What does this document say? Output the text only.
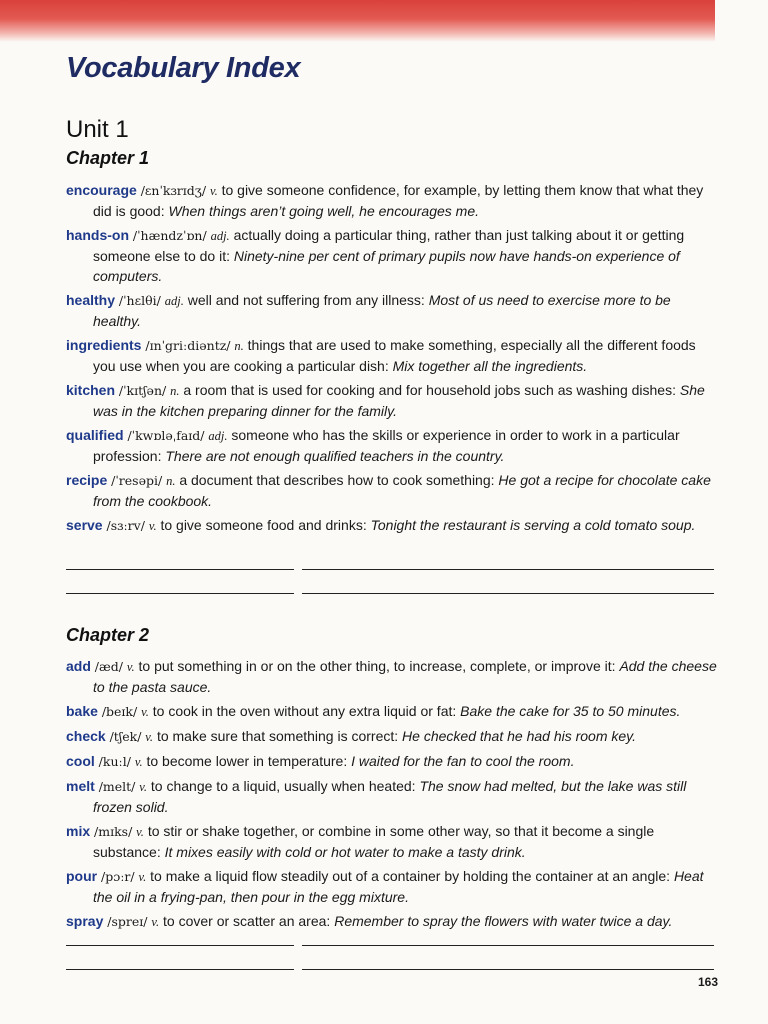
Vocabulary Index
Unit 1
Chapter 1

encourage /ɛnˈkɜrɪdʒ/ v. to give someone confidence, for example, by letting them know that what they did is good: When things aren’t going well, he encourages me.

hands-on /ˈhændzˈɒn/ adj. actually doing a particular thing, rather than just talking about it or getting someone else to do it: Ninety-nine per cent of primary pupils now have hands-on experience of computers.

healthy /ˈhɛlθi/ adj. well and not suffering from any illness: Most of us need to exercise more to be healthy.

ingredients /ɪnˈgriːdiəntz/ n. things that are used to make something, especially all the different foods you use when you are cooking a particular dish: Mix together all the ingredients.

kitchen /ˈkɪtʃən/ n. a room that is used for cooking and for household jobs such as washing dishes: She was in the kitchen preparing dinner for the family.

qualified /ˈkwɒləˌfaɪd/ adj. someone who has the skills or experience in order to work in a particular profession: There are not enough qualified teachers in the country.

recipe /ˈresəpi/ n. a document that describes how to cook something: He got a recipe for chocolate cake from the cookbook.

serve /sɜːrv/ v. to give someone food and drinks: Tonight the restaurant is serving a cold tomato soup.

Chapter 2

add /æd/ v. to put something in or on the other thing, to increase, complete, or improve it: Add the cheese to the pasta sauce.

bake /beɪk/ v. to cook in the oven without any extra liquid or fat: Bake the cake for 35 to 50 minutes.

check /tʃek/ v. to make sure that something is correct: He checked that he had his room key.

cool /kuːl/ v. to become lower in temperature: I waited for the fan to cool the room.

melt /melt/ v. to change to a liquid, usually when heated: The snow had melted, but the lake was still frozen solid.

mix /mɪks/ v. to stir or shake together, or combine in some other way, so that it become a single substance: It mixes easily with cold or hot water to make a tasty drink.

pour /pɔːr/ v. to make a liquid flow steadily out of a container by holding the container at an angle: Heat the oil in a frying-pan, then pour in the egg mixture.

spray /spreɪ/ v. to cover or scatter an area: Remember to spray the flowers with water twice a day.

163
